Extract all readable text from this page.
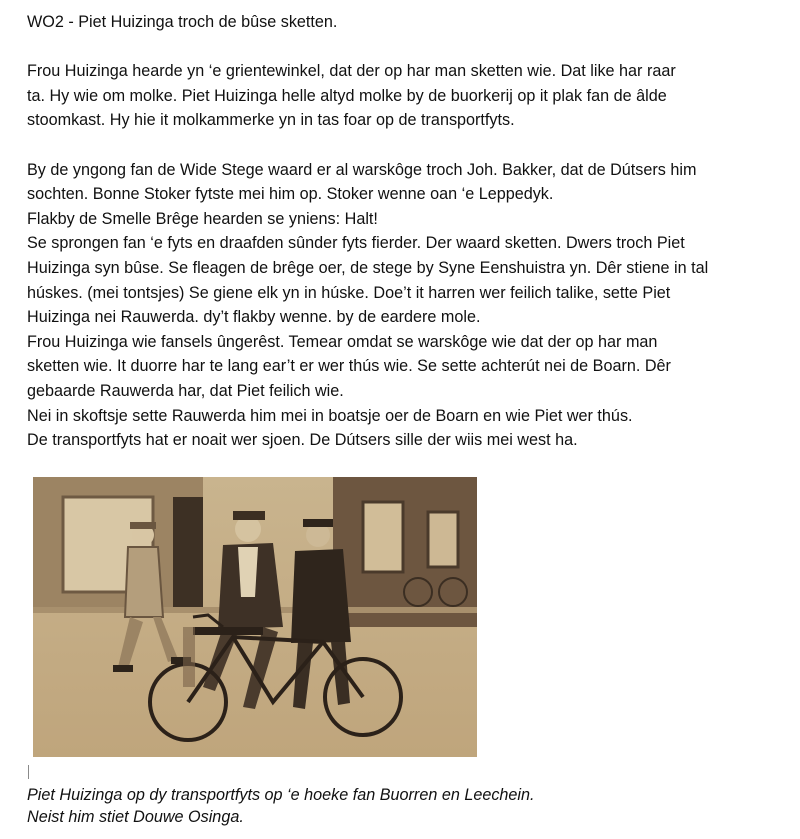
WO2 - Piet Huizinga troch de bûse sketten.

Frou Huizinga hearde yn ‘e grientewinkel, dat der op har man sketten wie. Dat like har raar
ta. Hy wie om molke. Piet Huizinga helle altyd molke by de buorkerij op it plak fan de âlde
stoomkast. Hy hie it molkammerke yn in tas foar op de transportfyts.

By de yngong fan de Wide Stege waard er al warskôge troch Joh. Bakker, dat de Dútsers him
sochten. Bonne Stoker fytste mei him op. Stoker wenne oan ‘e Leppedyk.
Flakby de Smelle Brêge hearden se yniens: Halt!
Se sprongen fan ‘e fyts en draafden sûnder fyts fierder. Der waard sketten. Dwers troch Piet
Huizinga syn bûse. Se fleagen de brêge oer, de stege by Syne Eenshuistra yn. Dêr stiene in tal
húskes. (mei tontsjes) Se giene elk yn in húske. Doe’t it harren wer feilich talike, sette Piet
Huizinga nei Rauwerda. dy’t flakby wenne. by de eardere mole.
Frou Huizinga wie fansels ûngerêst. Temear omdat se warskôge wie dat der op har man
sketten wie. It duorre har te lang ear’t er wer thús wie. Se sette achterút nei de Boarn. Dêr
gebaarde Rauwerda har, dat Piet feilich wie.
Nei in skoftsje sette Rauwerda him mei in boatsje oer de Boarn en wie Piet wer thús.
De transportfyts hat er noait wer sjoen. De Dútsers sille der wiis mei west ha.

Piet Huizinga op dy transportfyts op ‘e hoeke fan Buorren en Leechein.
Neist him stiet Douwe Osinga.
